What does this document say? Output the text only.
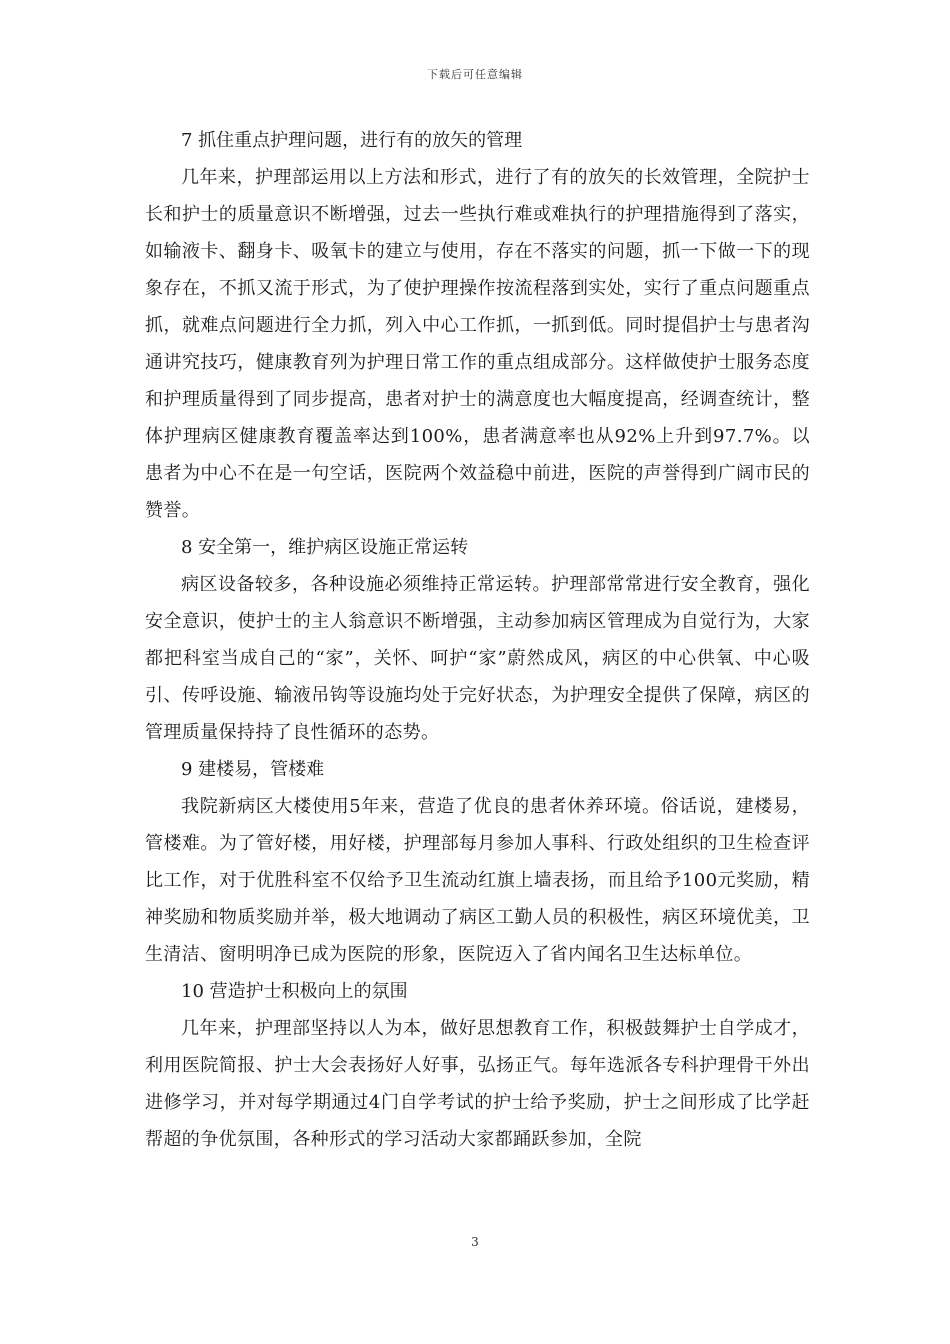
下载后可任意编辑

7 抓住重点护理问题，进行有的放矢的管理

几年来，护理部运用以上方法和形式，进行了有的放矢的长效管理，全院护士长和护士的质量意识不断增强，过去一些执行难或难执行的护理措施得到了落实，如输液卡、翻身卡、吸氧卡的建立与使用，存在不落实的问题，抓一下做一下的现象存在，不抓又流于形式，为了使护理操作按流程落到实处，实行了重点问题重点抓，就难点问题进行全力抓，列入中心工作抓，一抓到低。同时提倡护士与患者沟通讲究技巧，健康教育列为护理日常工作的重点组成部分。这样做使护士服务态度和护理质量得到了同步提高，患者对护士的满意度也大幅度提高，经调查统计，整体护理病区健康教育覆盖率达到100%，患者满意率也从92%上升到97.7%。以患者为中心不在是一句空话，医院两个效益稳中前进，医院的声誉得到广阔市民的赞誉。

8 安全第一，维护病区设施正常运转

病区设备较多，各种设施必须维持正常运转。护理部常常进行安全教育，强化安全意识，使护士的主人翁意识不断增强，主动参加病区管理成为自觉行为，大家都把科室当成自己的“家”，关怀、呵护“家”蔚然成风，病区的中心供氧、中心吸引、传呼设施、输液吊钩等设施均处于完好状态，为护理安全提供了保障，病区的管理质量保持持了良性循环的态势。

9 建楼易，管楼难

我院新病区大楼使用5年来，营造了优良的患者休养环境。俗话说，建楼易，管楼难。为了管好楼，用好楼，护理部每月参加人事科、行政处组织的卫生检查评比工作，对于优胜科室不仅给予卫生流动红旗上墙表扬，而且给予100元奖励，精神奖励和物质奖励并举，极大地调动了病区工勤人员的积极性，病区环境优美，卫生清洁、窗明明净已成为医院的形象，医院迈入了省内闻名卫生达标单位。

10 营造护士积极向上的氛围

几年来，护理部坚持以人为本，做好思想教育工作，积极鼓舞护士自学成才，利用医院简报、护士大会表扬好人好事，弘扬正气。每年选派各专科护理骨干外出进修学习，并对每学期通过4门自学考试的护士给予奖励，护士之间形成了比学赶帮超的争优氛围，各种形式的学习活动大家都踊跃参加，全院

3
